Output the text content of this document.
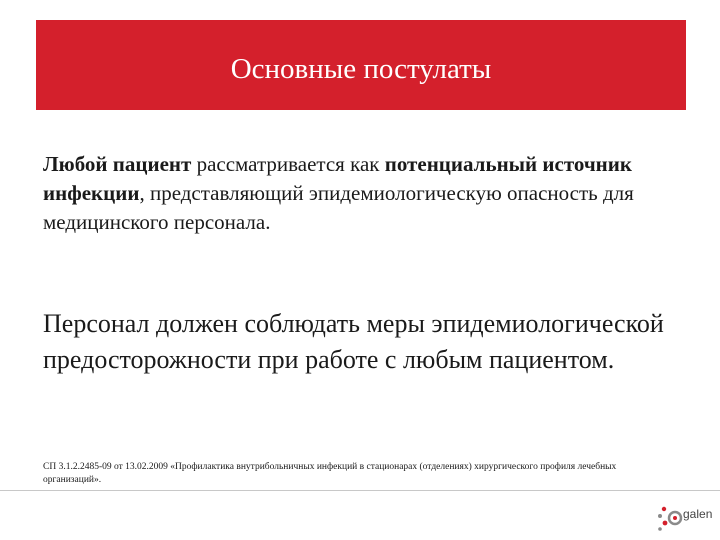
Основные постулаты

Любой пациент рассматривается как потенциальный источник инфекции, представляющий эпидемиологическую опасность для медицинского персонала.

Персонал должен соблюдать меры эпидемиологической предосторожности при работе с любым пациентом.

СП 3.1.2.2485-09 от 13.02.2009 «Профилактика внутрибольничных инфекций в стационарах (отделениях) хирургического профиля лечебных организаций».

galen
